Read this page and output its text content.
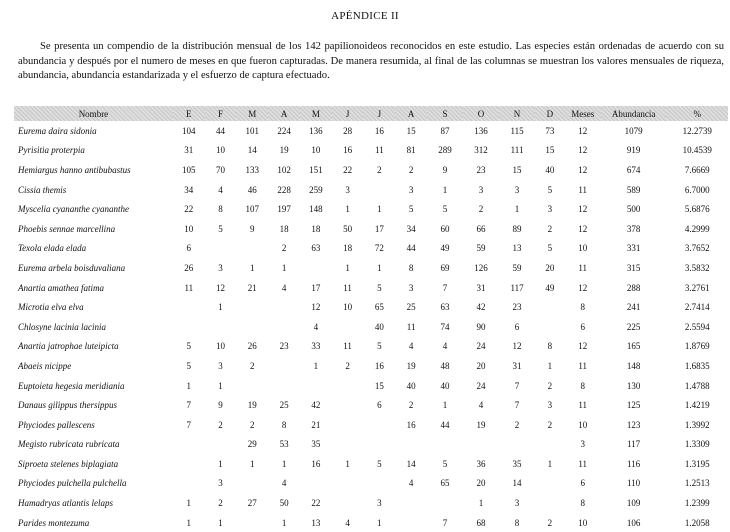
APÉNDICE II

Se presenta un compendio de la distribución mensual de los 142 papilionoideos reconocidos en este estudio. Las especies están ordenadas de acuerdo con su abundancia y después por el numero de meses en que fueron capturadas. De manera resumida, al final de las columnas se muestran los valores mensuales de riqueza, abundancia, abundancia estandarizada y el esfuerzo de captura efectuado.

Nombre	E	F	M	A	M	J	J	A	S	O	N	D	Meses	Abundancia	%
Eurema daira sidonia	104	44	101	224	136	28	16	15	87	136	115	73	12	1079	12.2739
Pyrisitia proterpia	31	10	14	19	10	16	11	81	289	312	111	15	12	919	10.4539
Hemiargus hanno antibubastus	105	70	133	102	151	22	2	2	9	23	15	40	12	674	7.6669
Cissia themis	34	4	46	228	259	3		3	1	3	3	5	11	589	6.7000
Myscelia cyananthe cyananthe	22	8	107	197	148	1	1	5	5	2	1	3	12	500	5.6876
Phoebis sennae marcellina	10	5	9	18	18	50	17	34	60	66	89	2	12	378	4.2999
Texola elada elada	6			2	63	18	72	44	49	59	13	5	10	331	3.7652
Eurema arbela boisduvaliana	26	3	1	1		1	1	8	69	126	59	20	11	315	3.5832
Anartia amathea fatima	11	12	21	4	17	11	5	3	7	31	117	49	12	288	3.2761
Microtia elva elva		1			12	10	65	25	63	42	23		8	241	2.7414
Chlosyne lacinia lacinia					4		40	11	74	90	6		6	225	2.5594
Anartia jatrophae luteipicta	5	10	26	23	33	11	5	4	4	24	12	8	12	165	1.8769
Abaeis nicippe	5	3	2		1	2	16	19	48	20	31	1	11	148	1.6835
Euptoieta hegesia meridiania	1	1					15	40	40	24	7	2	8	130	1.4788
Danaus gilippus thersippus	7	9	19	25	42		6	2	1	4	7	3	11	125	1.4219
Phyciodes pallescens	7	2	2	8	21			16	44	19	2	2	10	123	1.3992
Megisto rubricata rubricata			29	53	35								3	117	1.3309
Siproeta stelenes biplagiata		1	1	1	16	1	5	14	5	36	35	1	11	116	1.3195
Phyciodes pulchella pulchella		3		4				4	65	20	14		6	110	1.2513
Hamadryas atlantis lelaps	1	2	27	50	22		3			1	3		8	109	1.2399
Parides montezuma	1	1		1	13	4	1		7	68	8	2	10	106	1.2058
